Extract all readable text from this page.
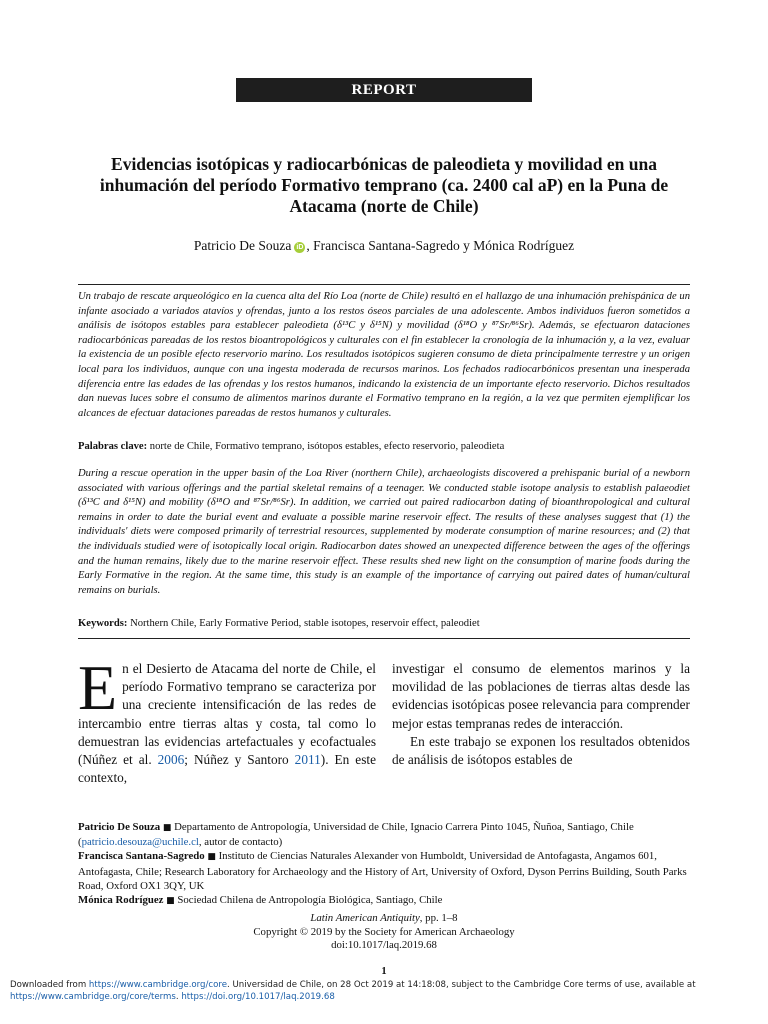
REPORT
Evidencias isotópicas y radiocarbónicas de paleodieta y movilidad en una inhumación del período Formativo temprano (ca. 2400 cal aP) en la Puna de Atacama (norte de Chile)
Patricio De Souza iD , Francisca Santana-Sagredo y Mónica Rodríguez

Un trabajo de rescate arqueológico en la cuenca alta del Río Loa (norte de Chile) resultó en el hallazgo de una inhumación prehispánica de un infante asociado a variados atavíos y ofrendas, junto a los restos óseos parciales de una adolescente. Ambos individuos fueron sometidos a análisis de isótopos estables para establecer paleodieta (δ¹³C y δ¹⁵N) y movilidad (δ¹⁸O y ⁸⁷Sr/⁸⁶Sr). Además, se efectuaron dataciones radiocarbónicas pareadas de los restos bioantropológicos y culturales con el fin establecer la cronología de la inhumación y, a la vez, evaluar la existencia de un posible efecto reservorio marino. Los resultados isotópicos sugieren consumo de dieta principalmente terrestre y un origen local para los individuos, aunque con una ingesta moderada de recursos marinos. Los fechados radiocarbónicos presentan una inesperada diferencia entre las edades de las ofrendas y los restos humanos, indicando la existencia de un importante efecto reservorio. Dichos resultados dan nuevas luces sobre el consumo de alimentos marinos durante el Formativo temprano en la región, a la vez que permiten ejemplificar los alcances de efectuar dataciones pareadas de restos humanos y culturales.

Palabras clave: norte de Chile, Formativo temprano, isótopos estables, efecto reservorio, paleodieta

During a rescue operation in the upper basin of the Loa River (northern Chile), archaeologists discovered a prehispanic burial of a newborn associated with various offerings and the partial skeletal remains of a teenager. We conducted stable isotope analysis to establish palaeodiet (δ¹³C and δ¹⁵N) and mobility (δ¹⁸O and ⁸⁷Sr/⁸⁶Sr). In addition, we carried out paired radiocarbon dating of bioanthropological and cultural remains in order to date the burial event and evaluate a possible marine reservoir effect. The results of these analyses suggest that (1) the individuals' diets were composed primarily of terrestrial resources, supplemented by moderate consumption of marine resources; and (2) that the individuals studied were of isotopically local origin. Radiocarbon dates showed an unexpected difference between the ages of the offerings and the human remains, likely due to the marine reservoir effect. These results shed new light on the consumption of marine foods during the Early Formative in the region. At the same time, this study is an example of the importance of carrying out paired dates of human/cultural remains on burials.

Keywords: Northern Chile, Early Formative Period, stable isotopes, reservoir effect, paleodiet

En el Desierto de Atacama del norte de Chile, el período Formativo temprano se caracteriza por una creciente intensificación de las redes de intercambio entre tierras altas y costa, tal como lo demuestran las evidencias artefactuales y ecofactuales (Núñez et al. 2006; Núñez y Santoro 2011). En este contexto,

investigar el consumo de elementos marinos y la movilidad de las poblaciones de tierras altas desde las evidencias isotópicas posee relevancia para comprender mejor estas tempranas redes de interacción.

En este trabajo se exponen los resultados obtenidos de análisis de isótopos estables de

Patricio De Souza ■ Departamento de Antropología, Universidad de Chile, Ignacio Carrera Pinto 1045, Ñuñoa, Santiago, Chile (patricio.desouza@uchile.cl, autor de contacto)
Francisca Santana-Sagredo ■ Instituto de Ciencias Naturales Alexander von Humboldt, Universidad de Antofagasta, Angamos 601, Antofagasta, Chile; Research Laboratory for Archaeology and the History of Art, University of Oxford, Dyson Perrins Building, South Parks Road, Oxford OX1 3QY, UK
Mónica Rodríguez ■ Sociedad Chilena de Antropología Biológica, Santiago, Chile
Latin American Antiquity, pp. 1–8
Copyright © 2019 by the Society for American Archaeology
doi:10.1017/laq.2019.68
1
Downloaded from https://www.cambridge.org/core. Universidad de Chile, on 28 Oct 2019 at 14:18:08, subject to the Cambridge Core terms of use, available at https://www.cambridge.org/core/terms. https://doi.org/10.1017/laq.2019.68
